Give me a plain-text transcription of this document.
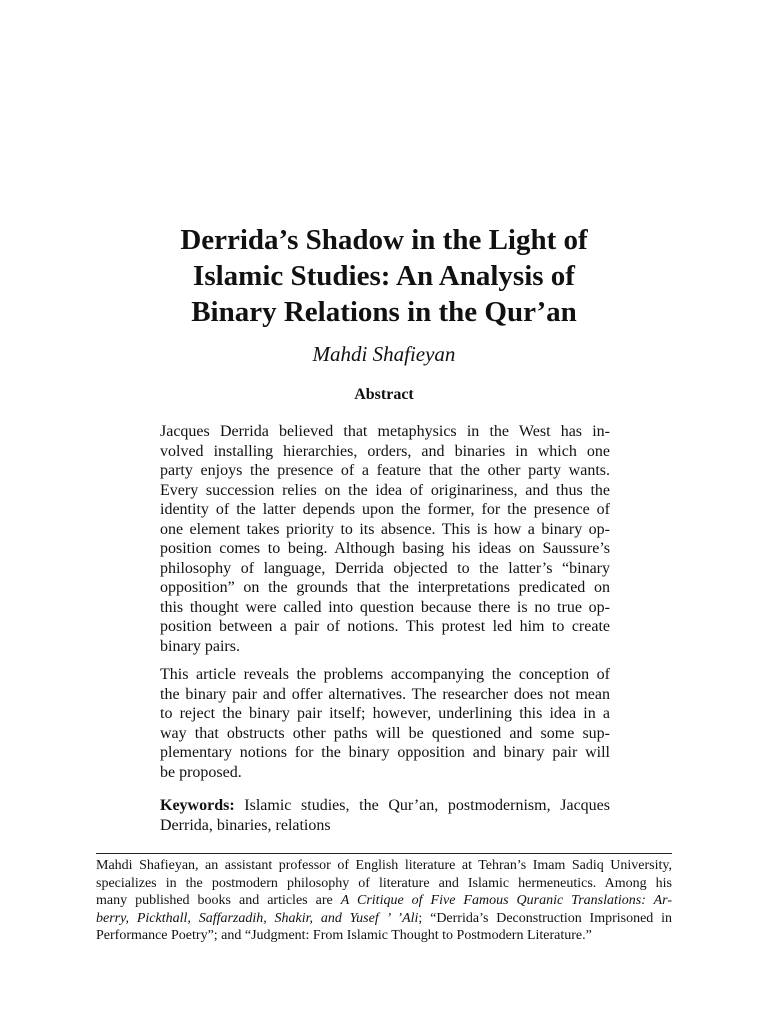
Derrida’s Shadow in the Light of
Islamic Studies: An Analysis of
Binary Relations in the Qur’an
Mahdi Shafieyan
Abstract
Jacques Derrida believed that metaphysics in the West has in-
volved installing hierarchies, orders, and binaries in which one
party enjoys the presence of a feature that the other party wants.
Every succession relies on the idea of originariness, and thus the
identity of the latter depends upon the former, for the presence of
one element takes priority to its absence. This is how a binary op-
position comes to being. Although basing his ideas on Saussure’s
philosophy of language, Derrida objected to the latter’s “binary
opposition” on the grounds that the interpretations predicated on
this thought were called into question because there is no true op-
position between a pair of notions. This protest led him to create
binary pairs.
This article reveals the problems accompanying the conception of
the binary pair and offer alternatives. The researcher does not mean
to reject the binary pair itself; however, underlining this idea in a
way that obstructs other paths will be questioned and some sup-
plementary notions for the binary opposition and binary pair will
be proposed.
Keywords: Islamic studies, the Qur’an, postmodernism, Jacques
Derrida, binaries, relations
Mahdi Shafieyan, an assistant professor of English literature at Tehran’s Imam Sadiq University,
specializes in the postmodern philosophy of literature and Islamic hermeneutics. Among his
many published books and articles are A Critique of Five Famous Quranic Translations: Ar-
berry, Pickthall, Saffarzadih, Shakir, and Yusef ’ ’Ali; “Derrida’s Deconstruction Imprisoned in
Performance Poetry”; and “Judgment: From Islamic Thought to Postmodern Literature.”
